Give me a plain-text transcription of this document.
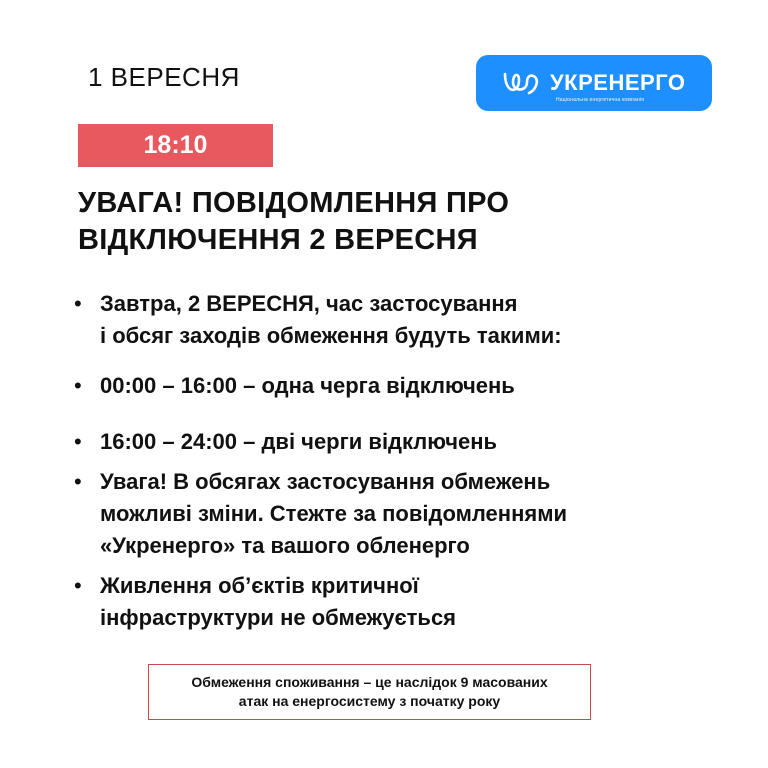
1 ВЕРЕСНЯ	УКРЕНЕРГО
Національна енергетична компанія
18:10
УВАГА! ПОВІДОМЛЕННЯ ПРО
ВІДКЛЮЧЕННЯ 2 ВЕРЕСНЯ
• Завтра, 2 ВЕРЕСНЯ, час застосування
і обсяг заходів обмеження будуть такими:
• 00:00 – 16:00 – одна черга відключень
• 16:00 – 24:00 – дві черги відключень
• Увага! В обсягах застосування обмежень
можливі зміни. Стежте за повідомленнями
«Укренерго» та вашого обленерго
• Живлення об’єктів критичної
інфраструктури не обмежується
Обмеження споживання – це наслідок 9 масованих
атак на енергосистему з початку року
